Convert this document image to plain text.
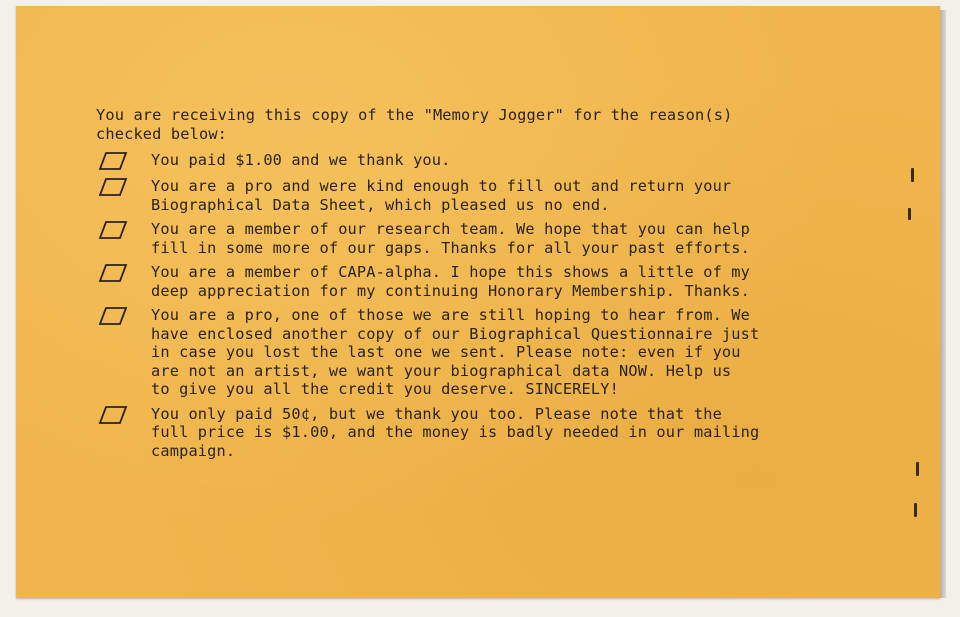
You are receiving this copy of the "Memory Jogger" for the reason(s)
checked below:

You paid $1.00 and we thank you.
You are a pro and were kind enough to fill out and return your
Biographical Data Sheet, which pleased us no end.
You are a member of our research team. We hope that you can help
fill in some more of our gaps. Thanks for all your past efforts.
You are a member of CAPA-alpha. I hope this shows a little of my
deep appreciation for my continuing Honorary Membership. Thanks.
You are a pro, one of those we are still hoping to hear from. We
have enclosed another copy of our Biographical Questionnaire just
in case you lost the last one we sent. Please note: even if you
are not an artist, we want your biographical data NOW. Help us
to give you all the credit you deserve. SINCERELY!
You only paid 50¢, but we thank you too. Please note that the
full price is $1.00, and the money is badly needed in our mailing
campaign.
